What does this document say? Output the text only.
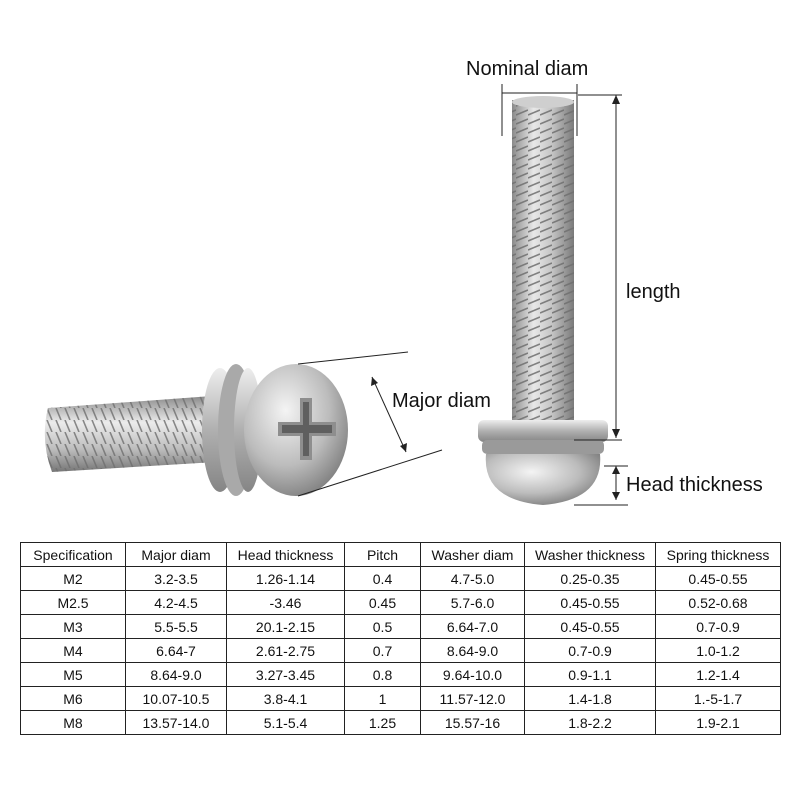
Nominal diam
length
Major diam
Head thickness
Specification	Major diam	Head thickness	Pitch	Washer diam	Washer thickness	Spring thickness
M2	3.2-3.5	1.26-1.14	0.4	4.7-5.0	0.25-0.35	0.45-0.55
M2.5	4.2-4.5	-3.46	0.45	5.7-6.0	0.45-0.55	0.52-0.68
M3	5.5-5.5	20.1-2.15	0.5	6.64-7.0	0.45-0.55	0.7-0.9
M4	6.64-7	2.61-2.75	0.7	8.64-9.0	0.7-0.9	1.0-1.2
M5	8.64-9.0	3.27-3.45	0.8	9.64-10.0	0.9-1.1	1.2-1.4
M6	10.07-10.5	3.8-4.1	1	11.57-12.0	1.4-1.8	1.-5-1.7
M8	13.57-14.0	5.1-5.4	1.25	15.57-16	1.8-2.2	1.9-2.1
